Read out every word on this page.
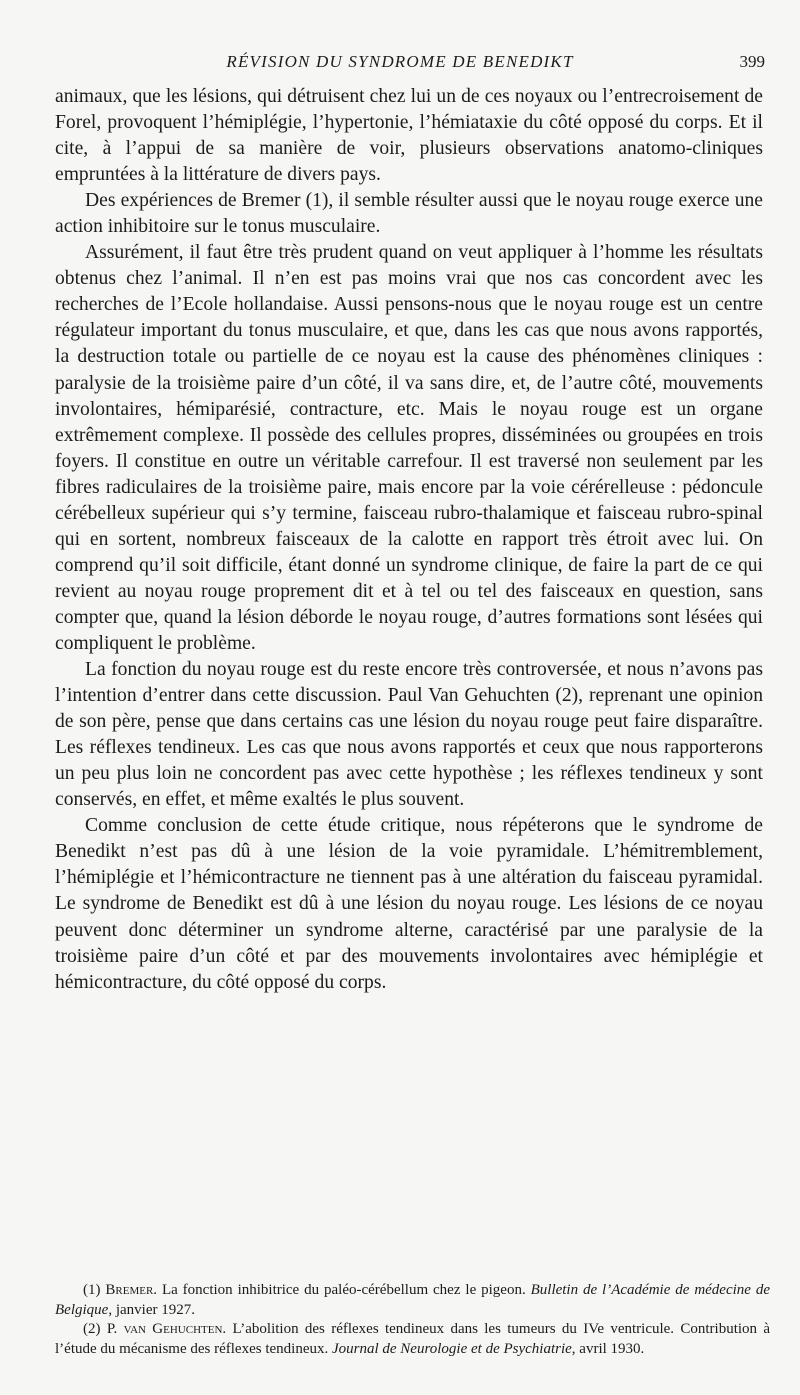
RÉVISION DU SYNDROME DE BENEDIKT	399

animaux, que les lésions, qui détruisent chez lui un de ces noyaux ou l’entrecroisement de Forel, provoquent l’hémiplégie, l’hypertonie, l’hémiataxie du côté opposé du corps. Et il cite, à l’appui de sa manière de voir, plusieurs observations anatomo-cliniques empruntées à la littérature de divers pays.

Des expériences de Bremer (1), il semble résulter aussi que le noyau rouge exerce une action inhibitoire sur le tonus musculaire.

Assurément, il faut être très prudent quand on veut appliquer à l’homme les résultats obtenus chez l’animal. Il n’en est pas moins vrai que nos cas concordent avec les recherches de l’Ecole hollandaise. Aussi pensons-nous que le noyau rouge est un centre régulateur important du tonus musculaire, et que, dans les cas que nous avons rapportés, la destruction totale ou partielle de ce noyau est la cause des phénomènes cliniques : paralysie de la troisième paire d’un côté, il va sans dire, et, de l’autre côté, mouvements involontaires, hémiparésié, contracture, etc. Mais le noyau rouge est un organe extrêmement complexe. Il possède des cellules propres, disséminées ou groupées en trois foyers. Il constitue en outre un véritable carrefour. Il est traversé non seulement par les fibres radiculaires de la troisième paire, mais encore par la voie cérérelleuse : pédoncule cérébelleux supérieur qui s’y termine, faisceau rubro-thalamique et faisceau rubro-spinal qui en sortent, nombreux faisceaux de la calotte en rapport très étroit avec lui. On comprend qu’il soit difficile, étant donné un syndrome clinique, de faire la part de ce qui revient au noyau rouge proprement dit et à tel ou tel des faisceaux en question, sans compter que, quand la lésion déborde le noyau rouge, d’autres formations sont lésées qui compliquent le problème.

La fonction du noyau rouge est du reste encore très controversée, et nous n’avons pas l’intention d’entrer dans cette discussion. Paul Van Gehuchten (2), reprenant une opinion de son père, pense que dans certains cas une lésion du noyau rouge peut faire disparaître. Les réflexes tendineux. Les cas que nous avons rapportés et ceux que nous rapporterons un peu plus loin ne concordent pas avec cette hypothèse ; les réflexes tendineux y sont conservés, en effet, et même exaltés le plus souvent.

Comme conclusion de cette étude critique, nous répéterons que le syndrome de Benedikt n’est pas dû à une lésion de la voie pyramidale. L’hémitremblement, l’hémiplégie et l’hémicontracture ne tiennent pas à une altération du faisceau pyramidal. Le syndrome de Benedikt est dû à une lésion du noyau rouge. Les lésions de ce noyau peuvent donc déterminer un syndrome alterne, caractérisé par une paralysie de la troisième paire d’un côté et par des mouvements involontaires avec hémiplégie et hémicontracture, du côté opposé du corps.

(1) Bremer. La fonction inhibitrice du paléo-cérébellum chez le pigeon. Bulletin de l’Académie de médecine de Belgique, janvier 1927.

(2) P. van Gehuchten. L’abolition des réflexes tendineux dans les tumeurs du IVe ventricule. Contribution à l’étude du mécanisme des réflexes tendineux. Journal de Neurologie et de Psychiatrie, avril 1930.
